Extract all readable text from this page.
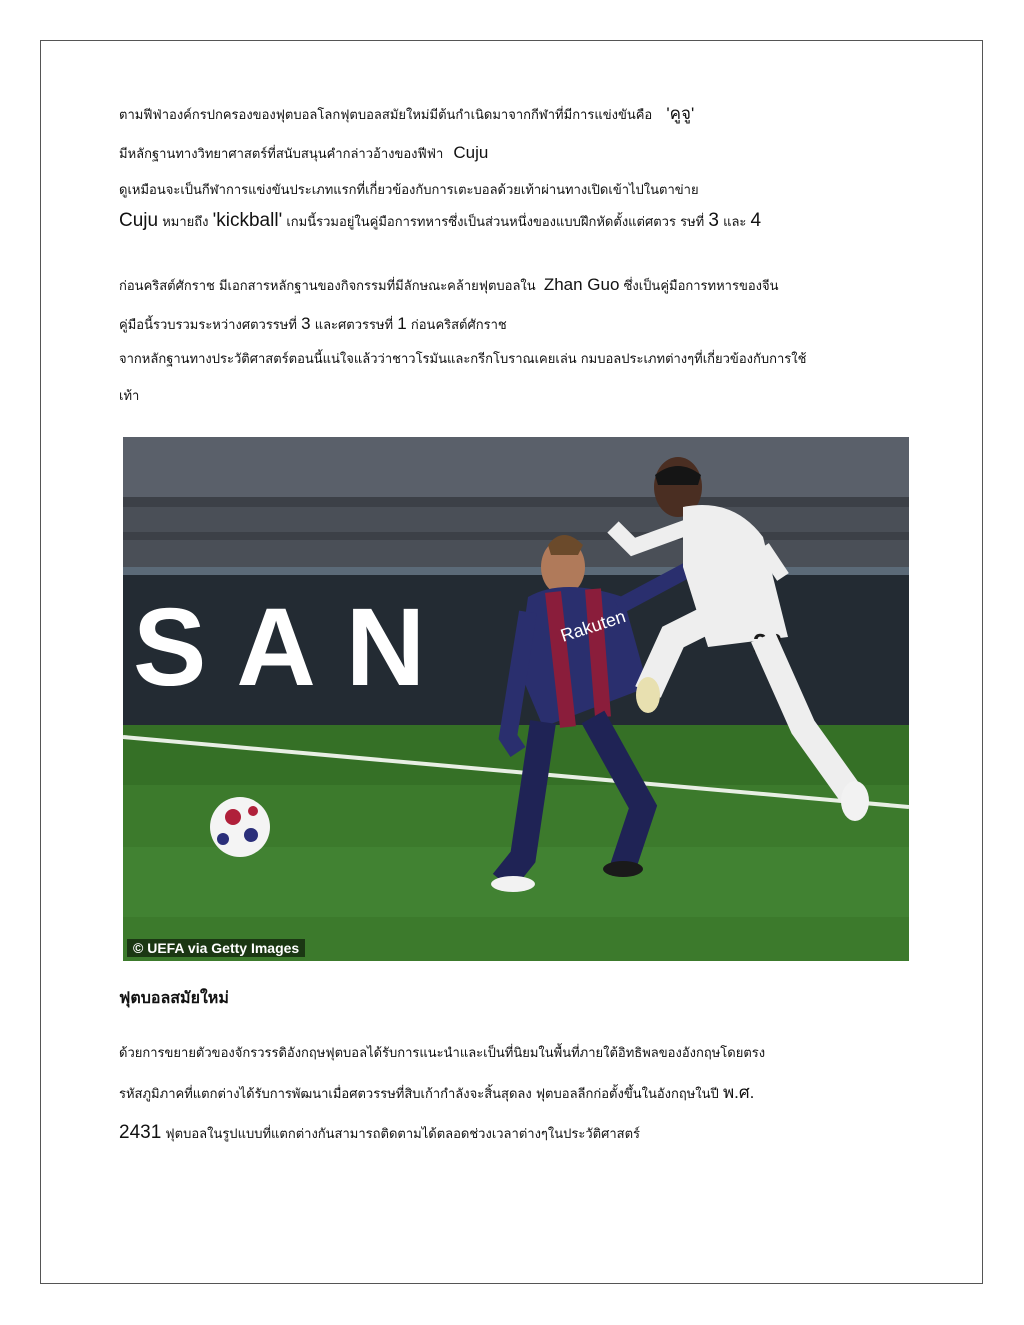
ตามฟีฟ่าองค์กรปกครองของฟุตบอลโลกฟุตบอลสมัยใหม่มีต้นกำเนิดมาจากกีฬาที่มีการแข่งขันคือ 'คูจู'
มีหลักฐานทางวิทยาศาสตร์ที่สนับสนุนคำกล่าวอ้างของฟีฟ่า Cuju
ดูเหมือนจะเป็นกีฬาการแข่งขันประเภทแรกที่เกี่ยวข้องกับการเตะบอลด้วยเท้าผ่านทางเปิดเข้าไปในตาข่าย
Cuju หมายถึง 'kickball' เกมนี้รวมอยู่ในคู่มือการทหารซึ่งเป็นส่วนหนึ่งของแบบฝึกหัดตั้งแต่ศตวร รษที่ 3 และ 4
ก่อนคริสต์ศักราช มีเอกสารหลักฐานของกิจกรรมที่มีลักษณะคล้ายฟุตบอลใน Zhan Guo ซึ่งเป็นคู่มือการทหารของจีน
คู่มือนี้รวบรวมระหว่างศตวรรษที่ 3 และศตวรรษที่ 1 ก่อนคริสต์ศักราช
จากหลักฐานทางประวัติศาสตร์ตอนนี้แน่ใจแล้วว่าชาวโรมันและกรีกโบราณเคยเล่น กมบอลประเภทต่างๆที่เกี่ยวข้องกับการใช้
เท้า
SAN	Rakuten	22
© UEFA via Getty Images
ฟุตบอลสมัยใหม่
ด้วยการขยายตัวของจักรวรรดิอังกฤษฟุตบอลได้รับการแนะนำและเป็นที่นิยมในพื้นที่ภายใต้อิทธิพลของอังกฤษโดยตรง
รหัสภูมิภาคที่แตกต่างได้รับการพัฒนาเมื่อศตวรรษที่สิบเก้ากำลังจะสิ้นสุดลง ฟุตบอลลีกก่อตั้งขึ้นในอังกฤษในปี พ.ศ.
2431 ฟุตบอลในรูปแบบที่แตกต่างกันสามารถติดตามได้ตลอดช่วงเวลาต่างๆในประวัติศาสตร์
